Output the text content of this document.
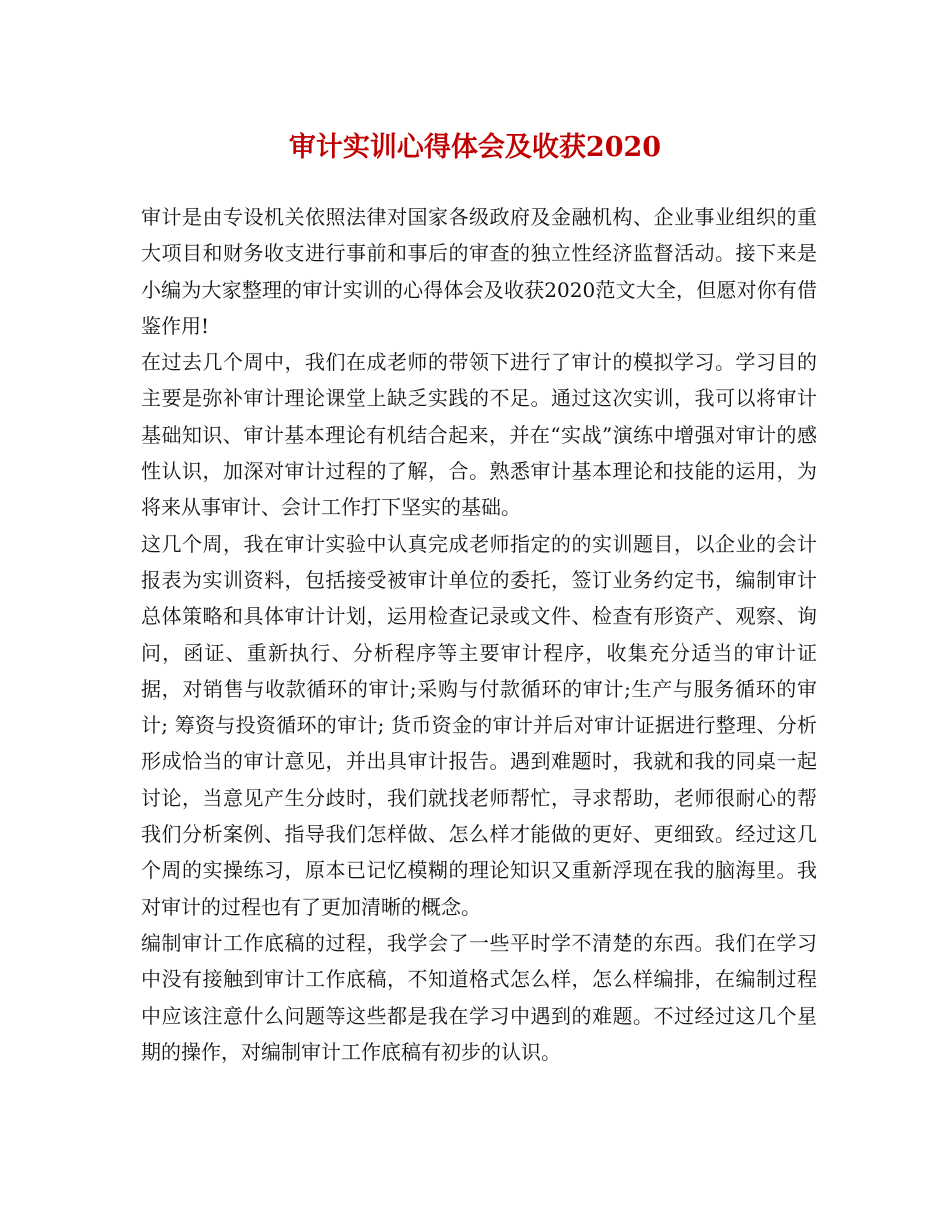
审计实训心得体会及收获2020

审计是由专设机关依照法律对国家各级政府及金融机构、企业事业组织的重大项目和财务收支进行事前和事后的审查的独立性经济监督活动。接下来是小编为大家整理的审计实训的心得体会及收获2020范文大全，但愿对你有借鉴作用!

在过去几个周中，我们在成老师的带领下进行了审计的模拟学习。学习目的主要是弥补审计理论课堂上缺乏实践的不足。通过这次实训，我可以将审计基础知识、审计基本理论有机结合起来，并在“实战”演练中增强对审计的感性认识，加深对审计过程的了解，合。熟悉审计基本理论和技能的运用，为将来从事审计、会计工作打下坚实的基础。

这几个周，我在审计实验中认真完成老师指定的的实训题目，以企业的会计报表为实训资料，包括接受被审计单位的委托，签订业务约定书，编制审计总体策略和具体审计计划，运用检查记录或文件、检查有形资产、观察、询问，函证、重新执行、分析程序等主要审计程序，收集充分适当的审计证据，对销售与收款循环的审计;采购与付款循环的审计;生产与服务循环的审计; 筹资与投资循环的审计; 货币资金的审计并后对审计证据进行整理、分析形成恰当的审计意见，并出具审计报告。遇到难题时，我就和我的同桌一起讨论，当意见产生分歧时，我们就找老师帮忙，寻求帮助，老师很耐心的帮我们分析案例、指导我们怎样做、怎么样才能做的更好、更细致。经过这几个周的实操练习，原本已记忆模糊的理论知识又重新浮现在我的脑海里。我对审计的过程也有了更加清晰的概念。

编制审计工作底稿的过程，我学会了一些平时学不清楚的东西。我们在学习中没有接触到审计工作底稿，不知道格式怎么样，怎么样编排，在编制过程中应该注意什么问题等这些都是我在学习中遇到的难题。不过经过这几个星期的操作，对编制审计工作底稿有初步的认识。
